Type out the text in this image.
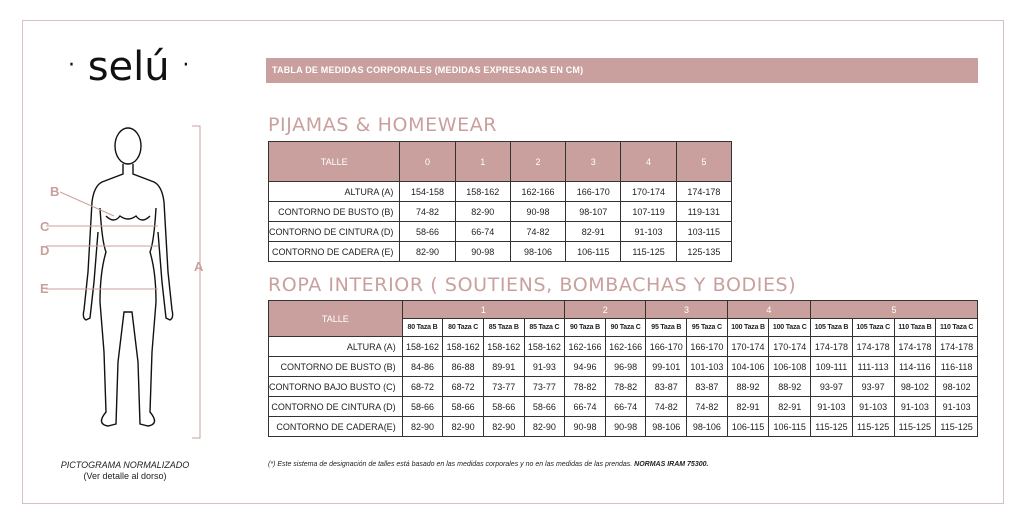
· selú ·
B
C
D
E
A
PICTOGRAMA NORMALIZADO
(Ver detalle al dorso)
TABLA DE MEDIDAS CORPORALES (MEDIDAS EXPRESADAS EN CM)
PIJAMAS & HOMEWEAR
TALLE	0	1	2	3	4	5
ALTURA (A)	154-158	158-162	162-166	166-170	170-174	174-178
CONTORNO DE BUSTO (B)	74-82	82-90	90-98	98-107	107-119	119-131
CONTORNO DE CINTURA (D)	58-66	66-74	74-82	82-91	91-103	103-115
CONTORNO DE CADERA (E)	82-90	90-98	98-106	106-115	115-125	125-135
ROPA INTERIOR ( SOUTIENS, BOMBACHAS Y BODIES)
TALLE	1				2		3		4		5			
	80 Taza B	80 Taza C	85 Taza B	85 Taza C	90 Taza B	90 Taza C	95 Taza B	95 Taza C	100 Taza B	100 Taza C	105 Taza B	105 Taza C	110 Taza B	110 Taza C
ALTURA (A)	158-162	158-162	158-162	158-162	162-166	162-166	166-170	166-170	170-174	170-174	174-178	174-178	174-178	174-178
CONTORNO DE BUSTO (B)	84-86	86-88	89-91	91-93	94-96	96-98	99-101	101-103	104-106	106-108	109-111	111-113	114-116	116-118
CONTORNO BAJO BUSTO (C)	68-72	68-72	73-77	73-77	78-82	78-82	83-87	83-87	88-92	88-92	93-97	93-97	98-102	98-102
CONTORNO DE CINTURA (D)	58-66	58-66	58-66	58-66	66-74	66-74	74-82	74-82	82-91	82-91	91-103	91-103	91-103	91-103
CONTORNO DE CADERA(E)	82-90	82-90	82-90	82-90	90-98	90-98	98-106	98-106	106-115	106-115	115-125	115-125	115-125	115-125
(*) Este sistema de designación de talles está basado en las medidas corporales y no en las medidas de las prendas. NORMAS IRAM 75300.
